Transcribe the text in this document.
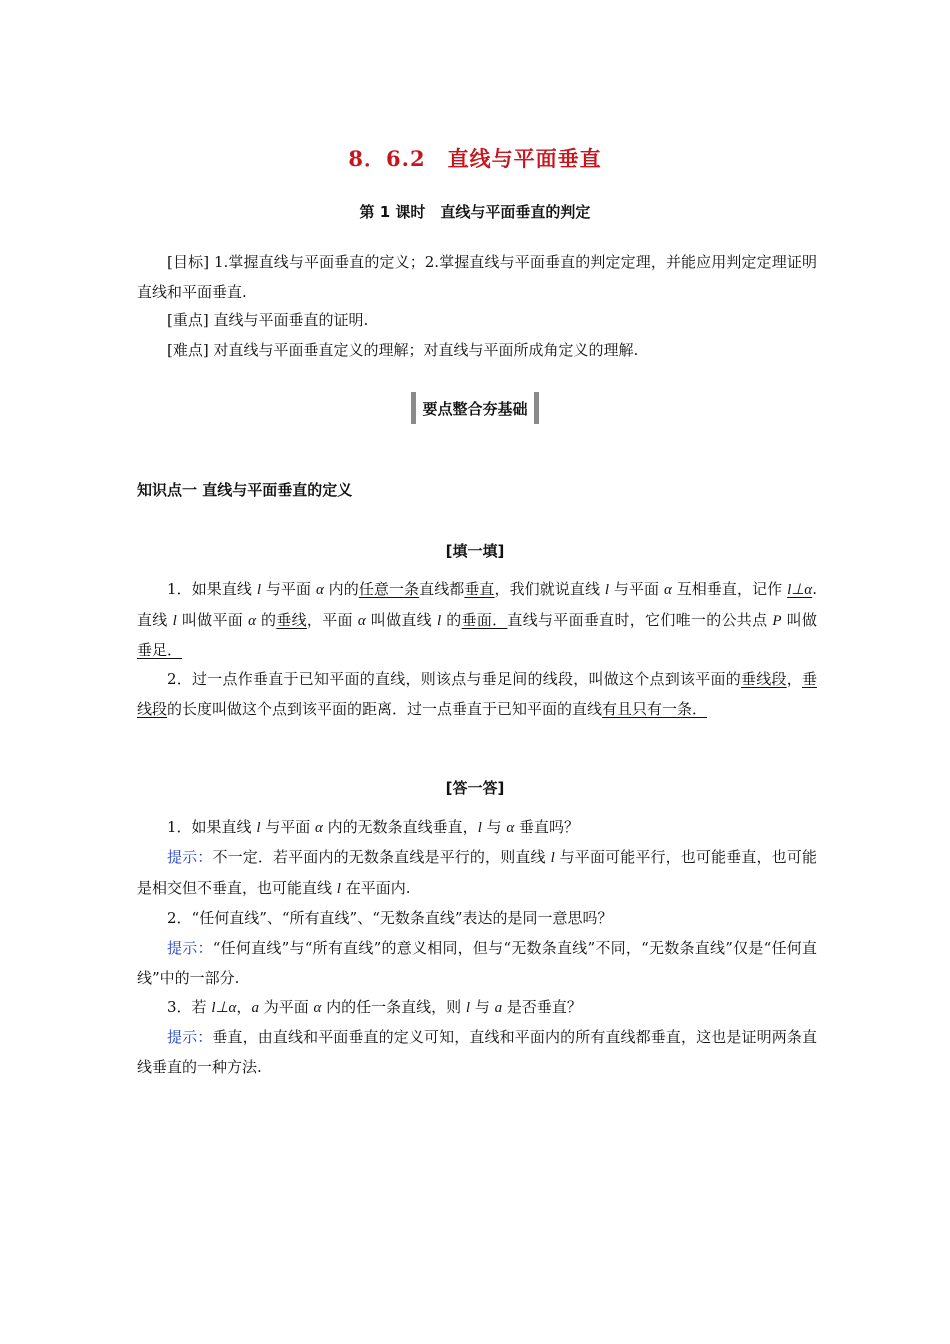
8．6.2　直线与平面垂直
第 1 课时　直线与平面垂直的判定
[目标] 1.掌握直线与平面垂直的定义；2.掌握直线与平面垂直的判定定理，并能应用判定定理证明直线和平面垂直.
[重点] 直线与平面垂直的证明.
[难点] 对直线与平面垂直定义的理解；对直线与平面所成角定义的理解.
要点整合夯基础
知识点一 直线与平面垂直的定义
[填一填]
1．如果直线 l 与平面 α 内的任意一条直线都垂直，我们就说直线 l 与平面 α 互相垂直，记作 l⊥α.直线 l 叫做平面 α 的垂线，平面 α 叫做直线 l 的垂面．直线与平面垂直时，它们唯一的公共点 P 叫做垂足．
2．过一点作垂直于已知平面的直线，则该点与垂足间的线段，叫做这个点到该平面的垂线段，垂线段的长度叫做这个点到该平面的距离．过一点垂直于已知平面的直线有且只有一条．
[答一答]
1．如果直线 l 与平面 α 内的无数条直线垂直，l 与 α 垂直吗？
提示：不一定．若平面内的无数条直线是平行的，则直线 l 与平面可能平行，也可能垂直，也可能是相交但不垂直，也可能直线 l 在平面内.
2．“任何直线”、“所有直线”、“无数条直线”表达的是同一意思吗？
提示：“任何直线”与“所有直线”的意义相同，但与“无数条直线”不同，“无数条直线”仅是“任何直线”中的一部分.
3．若 l⊥α，a 为平面 α 内的任一条直线，则 l 与 a 是否垂直？
提示：垂直，由直线和平面垂直的定义可知，直线和平面内的所有直线都垂直，这也是证明两条直线垂直的一种方法.
